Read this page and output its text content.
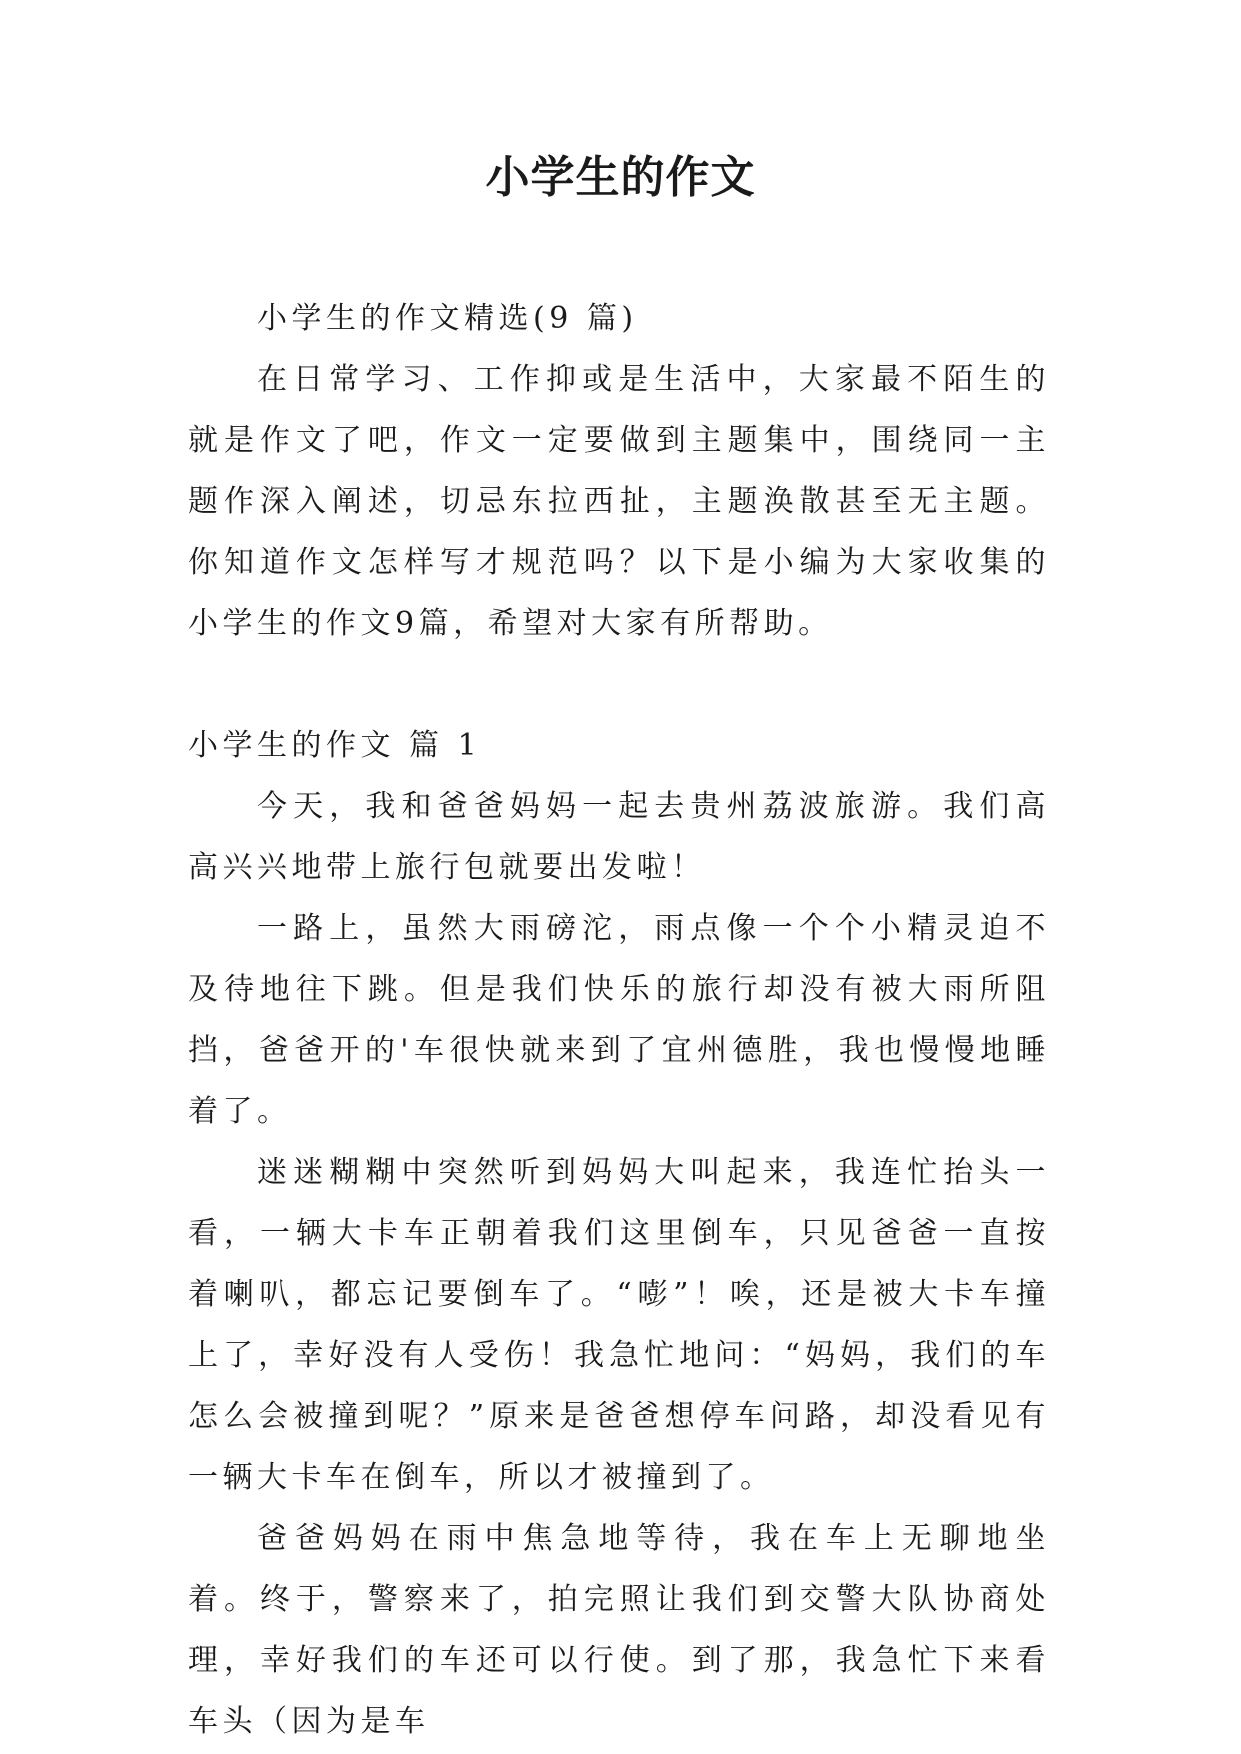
小学生的作文

小学生的作文精选(9 篇)

在日常学习、工作抑或是生活中，大家最不陌生的就是作文了吧，作文一定要做到主题集中，围绕同一主题作深入阐述，切忌东拉西扯，主题涣散甚至无主题。你知道作文怎样写才规范吗？以下是小编为大家收集的小学生的作文9篇，希望对大家有所帮助。

小学生的作文 篇 1

今天，我和爸爸妈妈一起去贵州荔波旅游。我们高高兴兴地带上旅行包就要出发啦！

一路上，虽然大雨磅沱，雨点像一个个小精灵迫不及待地往下跳。但是我们快乐的旅行却没有被大雨所阻挡，爸爸开的'车很快就来到了宜州德胜，我也慢慢地睡着了。

迷迷糊糊中突然听到妈妈大叫起来，我连忙抬头一看，一辆大卡车正朝着我们这里倒车，只见爸爸一直按着喇叭，都忘记要倒车了。“嘭”！唉，还是被大卡车撞上了，幸好没有人受伤！我急忙地问：“妈妈，我们的车怎么会被撞到呢？”原来是爸爸想停车问路，却没看见有一辆大卡车在倒车，所以才被撞到了。

爸爸妈妈在雨中焦急地等待，我在车上无聊地坐着。终于，警察来了，拍完照让我们到交警大队协商处理，幸好我们的车还可以行使。到了那，我急忙下来看车头（因为是车
